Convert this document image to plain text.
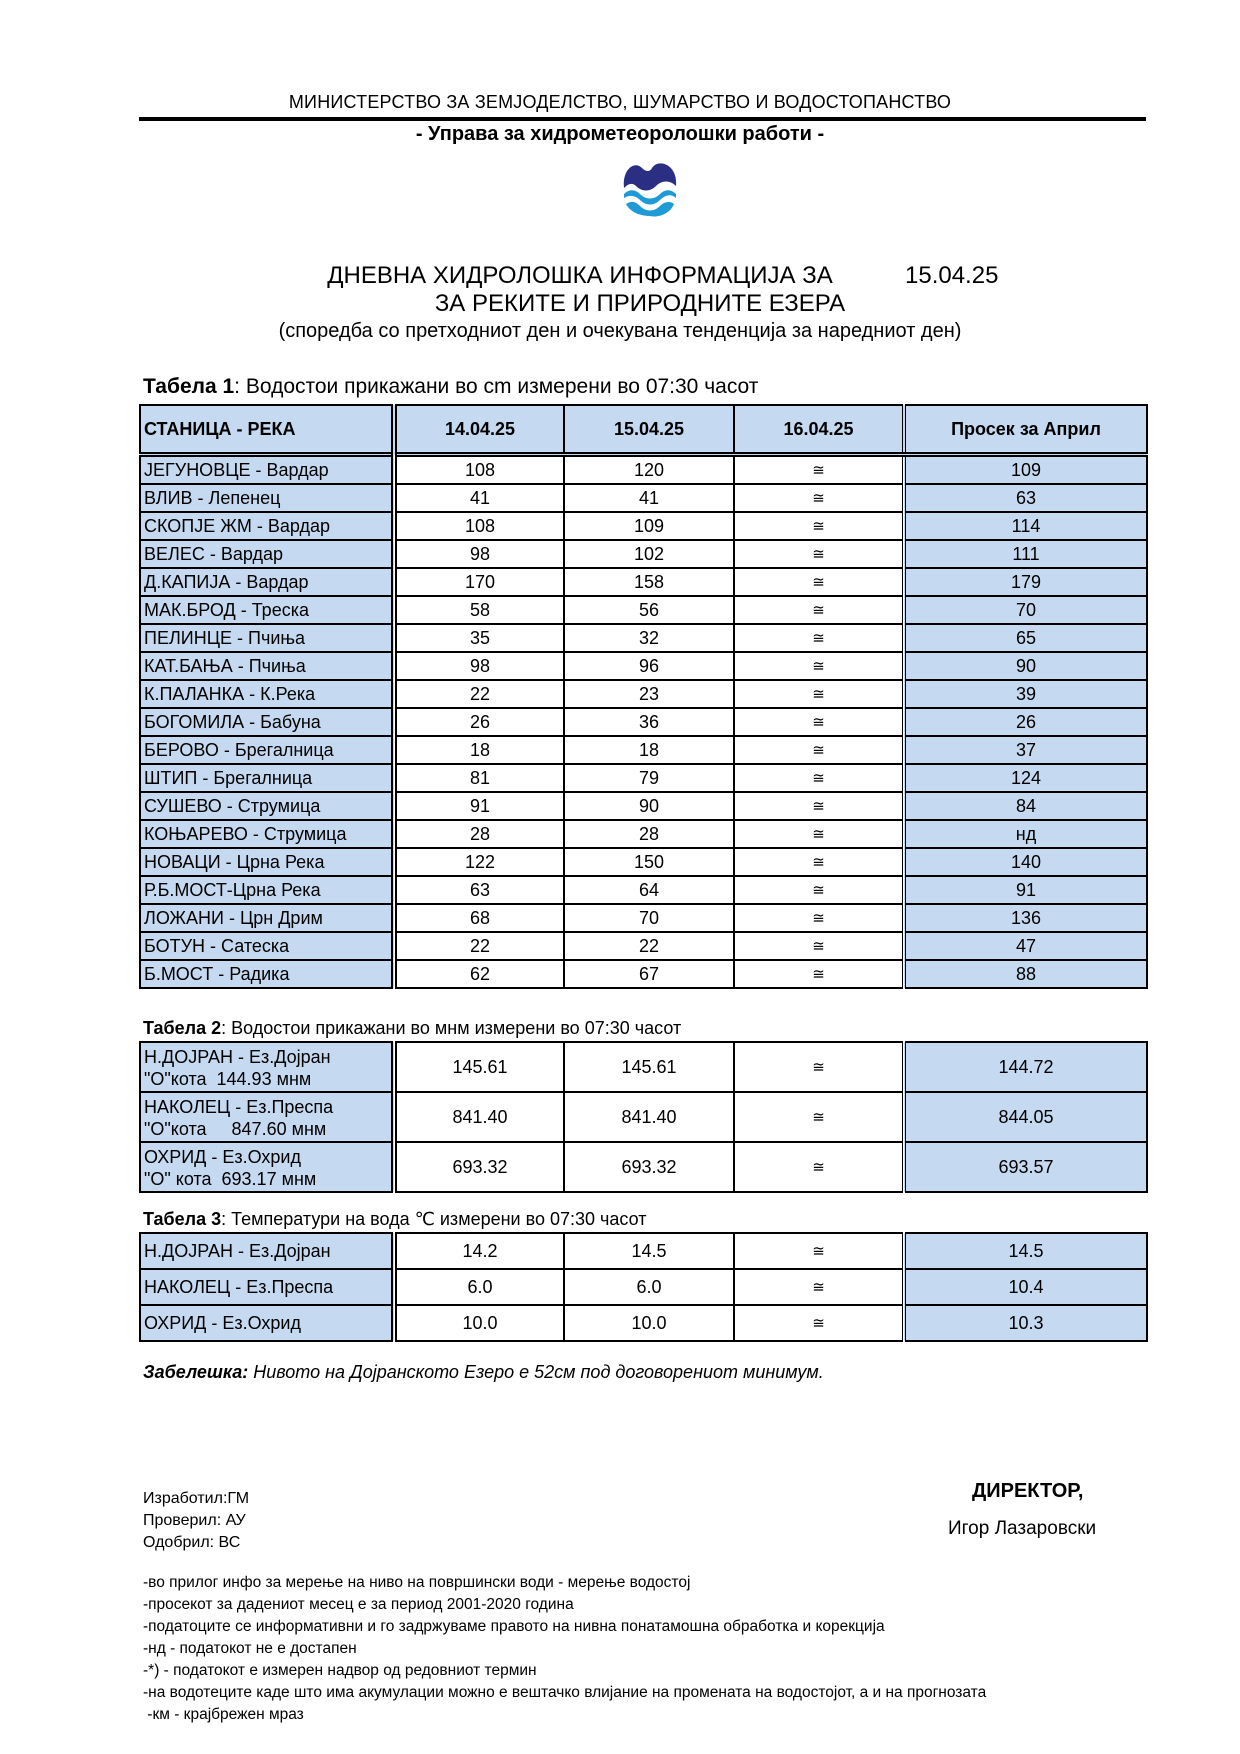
МИНИСТЕРСТВО ЗА ЗЕМЈОДЕЛСТВО, ШУМАРСТВО И ВОДОСТОПАНСТВО
- Управа за хидрометеоролошки работи -
ДНЕВНА ХИДРОЛОШКА ИНФОРМАЦИЈА ЗА	15.04.25
ЗА РЕКИТЕ И ПРИРОДНИТЕ ЕЗЕРА
(споредба со претходниот ден и очекувана тенденција за наредниот ден)
Табела 1: Водостои прикажани во cm измерени во 07:30 часот
СТАНИЦА - РЕКА	14.04.25	15.04.25	16.04.25	Просек за Април
ЈЕГУНОВЦЕ - Вардар	108	120	≅	109
ВЛИВ - Лепенец	41	41	≅	63
СКОПЈЕ ЖМ - Вардар	108	109	≅	114
ВЕЛЕС - Вардар	98	102	≅	111
Д.КАПИЈА - Вардар	170	158	≅	179
МАК.БРОД - Треска	58	56	≅	70
ПЕЛИНЦЕ - Пчиња	35	32	≅	65
КАТ.БАЊА - Пчиња	98	96	≅	90
К.ПАЛАНКА - К.Река	22	23	≅	39
БОГОМИЛА - Бабуна	26	36	≅	26
БЕРОВО - Брегалница	18	18	≅	37
ШТИП - Брегалница	81	79	≅	124
СУШЕВО - Струмица	91	90	≅	84
КОЊАРЕВО - Струмица	28	28	≅	нд
НОВАЦИ - Црна Река	122	150	≅	140
Р.Б.МОСТ-Црна Река	63	64	≅	91
ЛОЖАНИ - Црн Дрим	68	70	≅	136
БОТУН - Сатеска	22	22	≅	47
Б.МОСТ - Радика	62	67	≅	88
Табела 2: Водостои прикажани во мнм измерени во 07:30 часот
Н.ДОЈРАН - Ез.Дојран
"О"кота  144.93 мнм	145.61	145.61	≅	144.72

НАКОЛЕЦ - Ез.Преспа
"О"кота     847.60 мнм	841.40	841.40	≅	844.05

ОХРИД - Ез.Охрид
"О" кота  693.17 мнм	693.32	693.32	≅	693.57
Табела 3: Температури на вода ℃ измерени во 07:30 часот
Н.ДОЈРАН - Ез.Дојран	14.2	14.5	≅	14.5
НАКОЛЕЦ - Ез.Преспа	6.0	6.0	≅	10.4
ОХРИД - Ез.Охрид	10.0	10.0	≅	10.3
Забелешка: Нивото на Дојранското Езеро е 52см под договорениот минимум.
Изработил:ГМ
Проверил: АУ
Одобрил: ВС
ДИРЕКТОР,
Игор Лазаровски
-во прилог инфо за мерење на ниво на површински води - мерење водостој
-просекот за дадениот месец е за период 2001-2020 година
-податоците се информативни и го задржуваме правото на нивна понатамошна обработка и корекција
-нд - податокот не е достапен
-*) - податокот е измерен надвор од редовниот термин
-на водотеците каде што има акумулации можно е вештачко влијание на промената на водостојот, а и на прогнозата
-км - крајбрежен мраз
